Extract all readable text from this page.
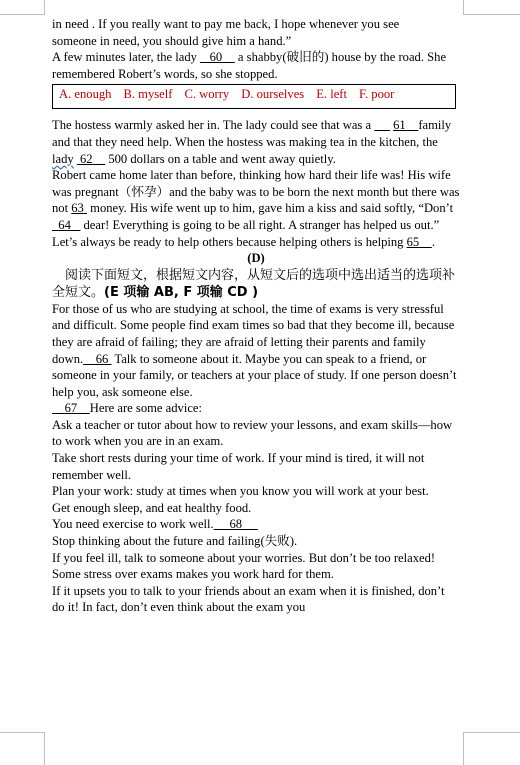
in need . If you really want to pay me back, I hope whenever you see

someone in need, you should give him a hand.”

A few minutes later, the lady    60     a shabby(破旧的) house by the road. She remembered Robert’s words, so she stopped.

A. enough B. myself C. worry D. ourselves E. left F. poor

The hostess warmly asked her in. The lady could see that was a       61 family and that they need help. When the hostess was making tea in the kitchen, the lady 62     500 dollars on a table and went away quietly.

Robert came home later than before, thinking how hard their life was! His wife was pregnant（怀孕）and the baby was to be born the next month but there was not 63  money. His wife went up to him, gave him a kiss and said softly, “Don’t   64    dear! Everything is going to be all right. A stranger has helped us out.”

Let’s always be ready to help others because helping others is helping 65 .

(D)

阅读下面短文，根据短文内容，从短文后的选项中选出适当的选项补全短文。(E 项输 AB, F 项输 CD )

For those of us who are studying at school, the time of exams is very stressful and difficult. Some people find exam times so bad that they become ill, because they are afraid of failing; they are afraid of letting their parents and family down. 66  Talk to someone about it. Maybe you can speak to a friend, or someone in your family, or teachers at your place of study. If one person doesn’t help you, ask someone else.

67 Here are some advice:

Ask a teacher or tutor about how to review your lessons, and exam skills—how to work when you are in an exam.

Take short rests during your time of work. If your mind is tired, it will not remember well.

Plan your work: study at times when you know you will work at your best.

Get enough sleep, and eat healthy food.

You need exercise to work well. 68

Stop thinking about the future and failing(失败).

If you feel ill, talk to someone about your worries. But don’t be too relaxed! Some stress over exams makes you work hard for them.

If it upsets you to talk to your friends about an exam when it is finished, don’t do it! In fact, don’t even think about the exam you
